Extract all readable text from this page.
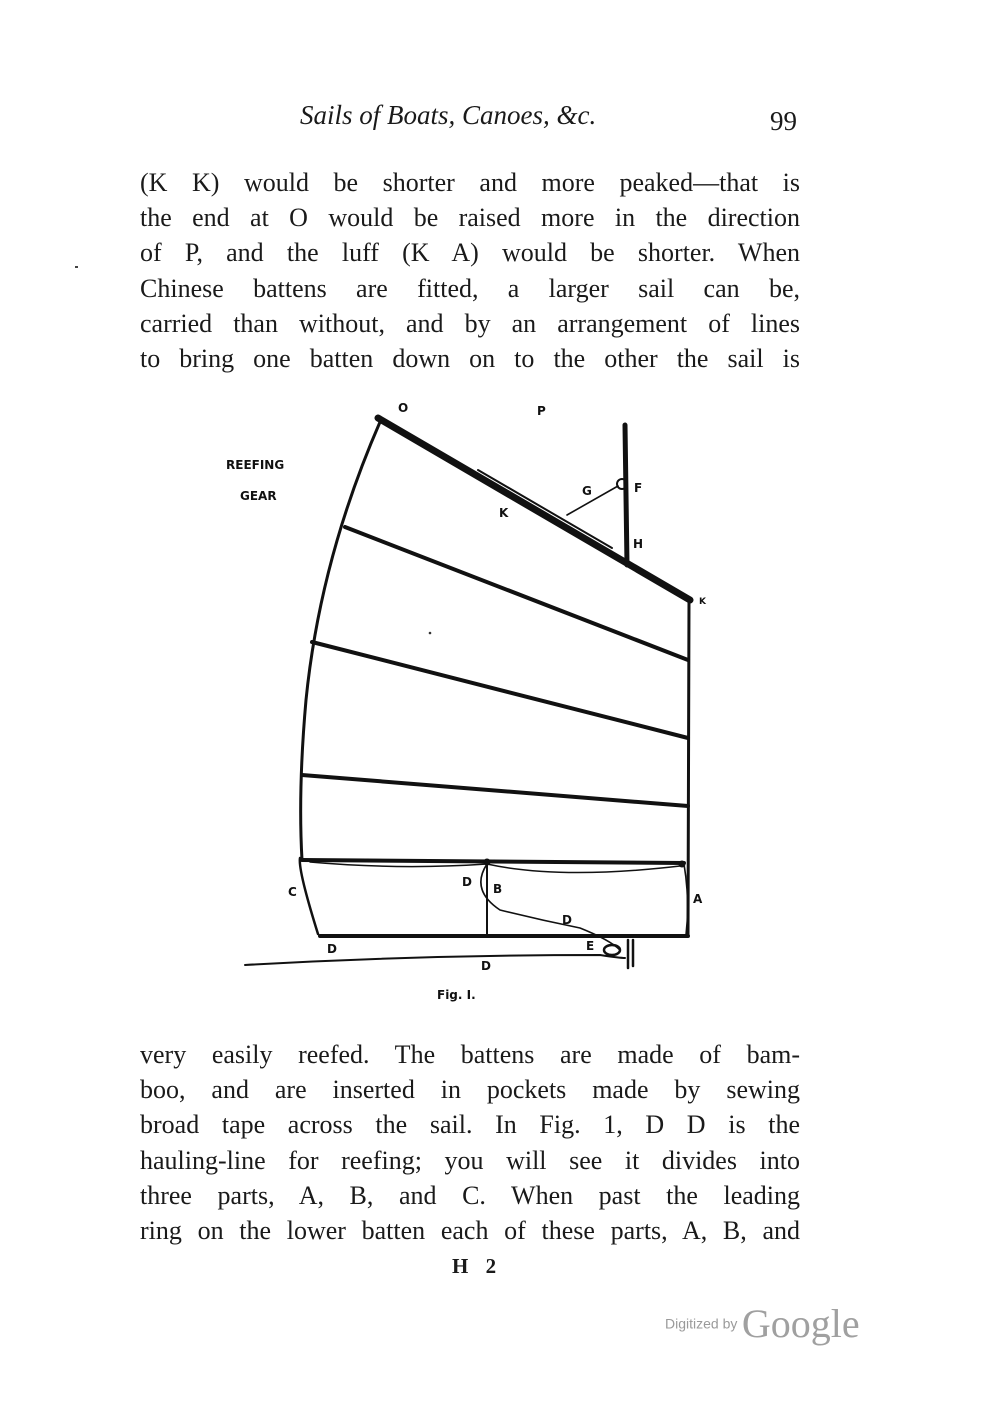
Sails of Boats, Canoes, &c.	99
(K K) would be shorter and more peaked—that is
the end at O would be raised more in the direction
of P, and the luff (K A) would be shorter. When
Chinese battens are fitted, a larger sail can be,
carried than without, and by an arrangement of lines
to bring one batten down on to the other the sail is
REEFING
GEAR
O	P
G	F
K
H
K
C
D B
A
D
E
D
D
Fig. I.
very easily reefed. The battens are made of bam-
boo, and are inserted in pockets made by sewing
broad tape across the sail. In Fig. 1, D D is the
hauling-line for reefing; you will see it divides into
three parts, A, B, and C. When past the leading
ring on the lower batten each of these parts, A, B, and
H 2
Digitized by Google
